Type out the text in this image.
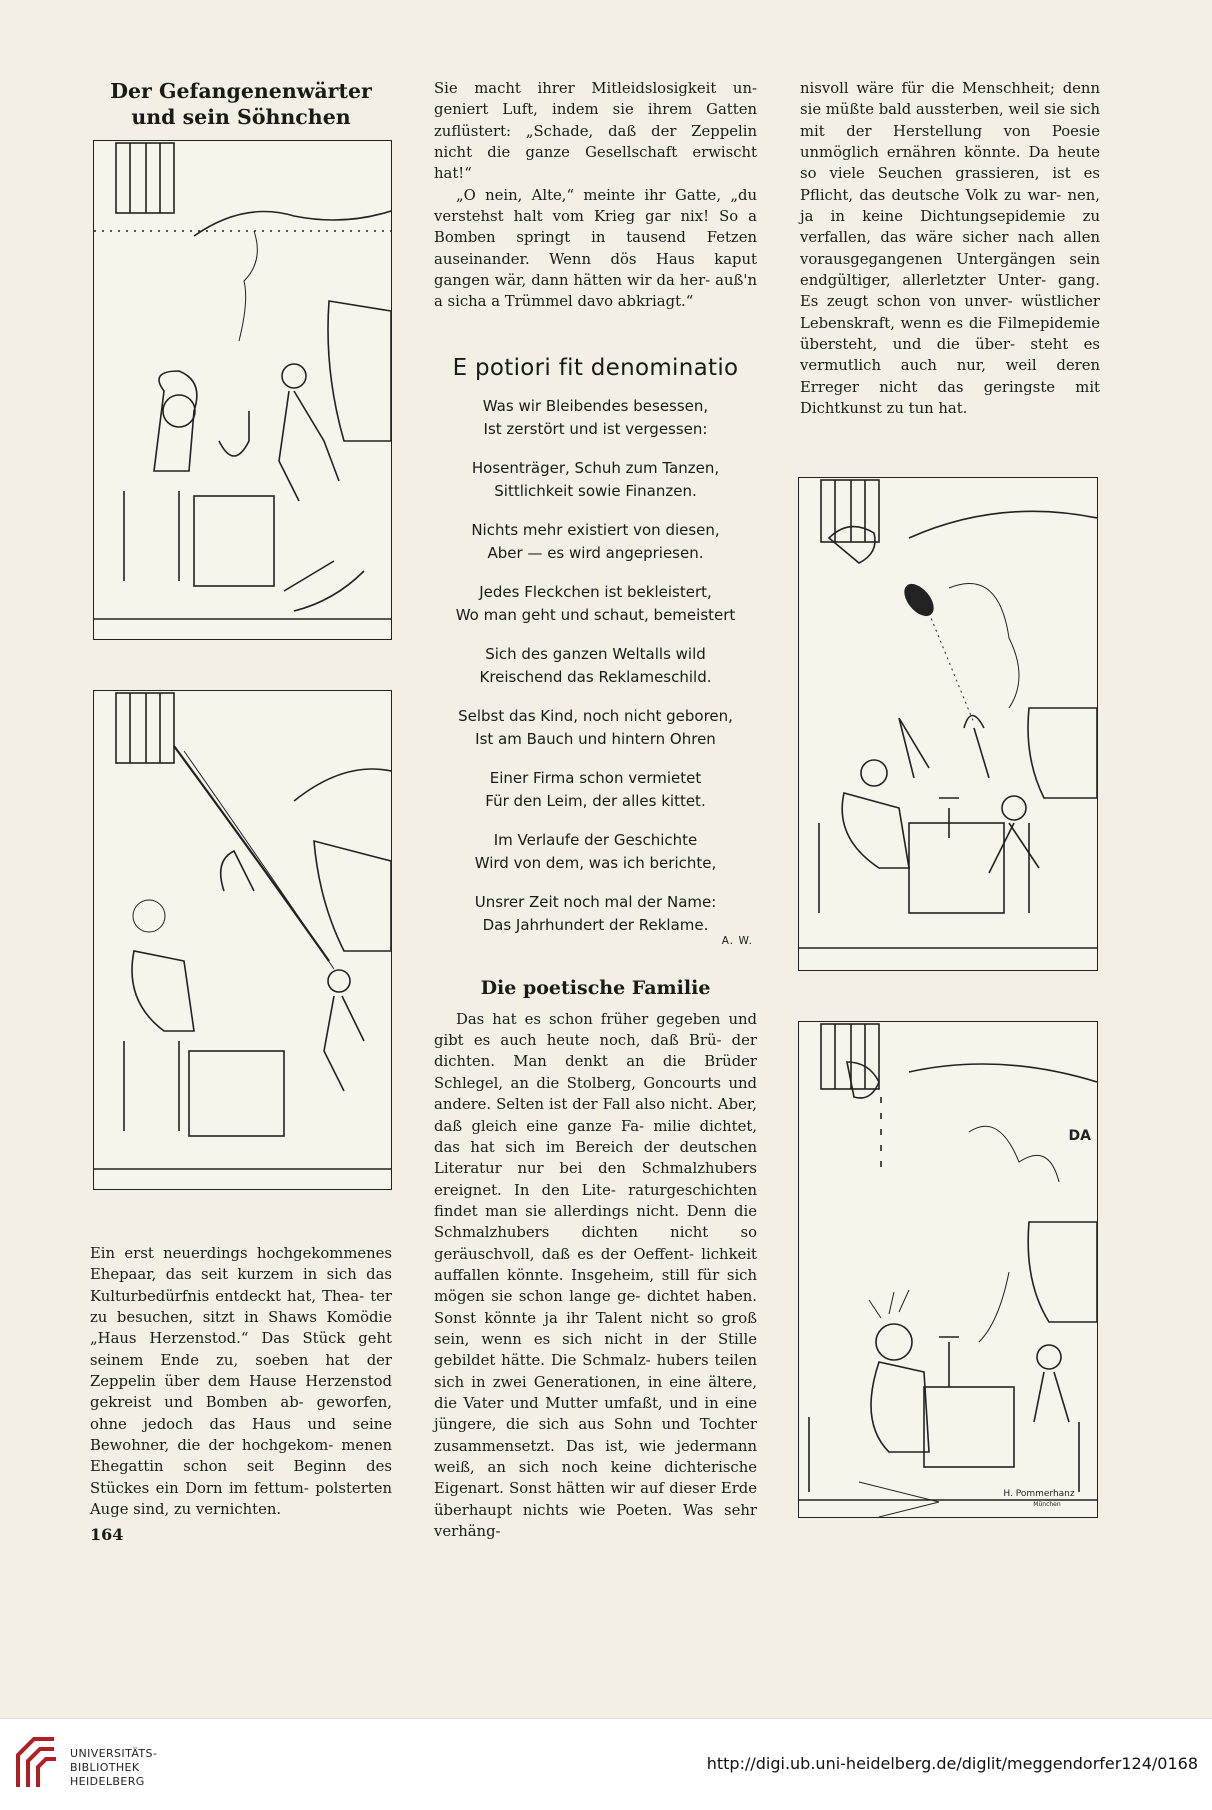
Der Gefangenenwärter
und sein Söhnchen

Ein erst neuerdings hochgekommenes Ehepaar, das seit kurzem in sich das Kulturbedürfnis entdeckt hat, Thea- ter zu besuchen, sitzt in Shaws Komödie „Haus Herzenstod.“ Das Stück geht seinem Ende zu, soeben hat der Zeppelin über dem Hause Herzenstod gekreist und Bomben ab- geworfen, ohne jedoch das Haus und seine Bewohner, die der hochgekom- menen Ehegattin schon seit Beginn des Stückes ein Dorn im fettum- polsterten Auge sind, zu vernichten.

164

Sie macht ihrer Mitleidslosigkeit un- geniert Luft, indem sie ihrem Gatten zuflüstert: „Schade, daß der Zeppelin nicht die ganze Gesellschaft erwischt hat!“

„O nein, Alte,“ meinte ihr Gatte, „du verstehst halt vom Krieg gar nix! So a Bomben springt in tausend Fetzen auseinander. Wenn dös Haus kaput gangen wär, dann hätten wir da her- auß'n a sicha a Trümmel davo abkriagt.“

E potiori fit denominatio
Was wir Bleibendes besessen,
Ist zerstört und ist vergessen:
Hosenträger, Schuh zum Tanzen,
Sittlichkeit sowie Finanzen.
Nichts mehr existiert von diesen,
Aber — es wird angepriesen.
Jedes Fleckchen ist bekleistert,
Wo man geht und schaut, bemeistert
Sich des ganzen Weltalls wild
Kreischend das Reklameschild.
Selbst das Kind, noch nicht geboren,
Ist am Bauch und hintern Ohren
Einer Firma schon vermietet
Für den Leim, der alles kittet.
Im Verlaufe der Geschichte
Wird von dem, was ich berichte,
Unsrer Zeit noch mal der Name:
Das Jahrhundert der Reklame.
A. W.
Die poetische Familie

Das hat es schon früher gegeben und gibt es auch heute noch, daß Brü- der dichten. Man denkt an die Brüder Schlegel, an die Stolberg, Goncourts und andere. Selten ist der Fall also nicht. Aber, daß gleich eine ganze Fa- milie dichtet, das hat sich im Bereich der deutschen Literatur nur bei den Schmalzhubers ereignet. In den Lite- raturgeschichten findet man sie allerdings nicht. Denn die Schmalzhubers dichten nicht so geräuschvoll, daß es der Oeffent- lichkeit auffallen könnte. Insgeheim, still für sich mögen sie schon lange ge- dichtet haben. Sonst könnte ja ihr Talent nicht so groß sein, wenn es sich nicht in der Stille gebildet hätte. Die Schmalz- hubers teilen sich in zwei Generationen, in eine ältere, die Vater und Mutter umfaßt, und in eine jüngere, die sich aus Sohn und Tochter zusammensetzt. Das ist, wie jedermann weiß, an sich noch keine dichterische Eigenart. Sonst hätten wir auf dieser Erde überhaupt nichts wie Poeten. Was sehr verhäng-

nisvoll wäre für die Menschheit; denn sie müßte bald aussterben, weil sie sich mit der Herstellung von Poesie unmöglich ernähren könnte. Da heute so viele Seuchen grassieren, ist es Pflicht, das deutsche Volk zu war- nen, ja in keine Dichtungsepidemie zu verfallen, das wäre sicher nach allen vorausgegangenen Untergängen sein endgültiger, allerletzter Unter- gang. Es zeugt schon von unver- wüstlicher Lebenskraft, wenn es die Filmepidemie übersteht, und die über- steht es vermutlich auch nur, weil deren Erreger nicht das geringste mit Dichtkunst zu tun hat.

DA
H. Pommerhanz
München
UNIVERSITÄTS-
BIBLIOTHEK
HEIDELBERG
http://digi.ub.uni-heidelberg.de/diglit/meggendorfer124/0168
